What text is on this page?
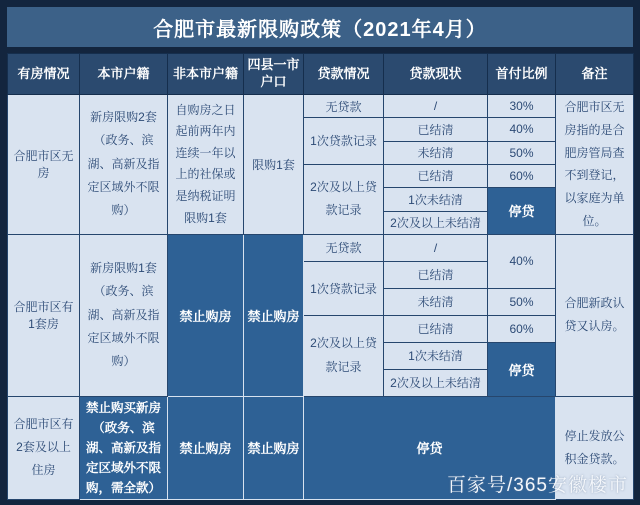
合肥市最新限购政策（2021年4月）
有房情况	本市户籍	非本市户籍	四县一市户口	贷款情况	贷款现状	首付比例	备注
合肥市区无房	新房限购2套（政务、滨湖、高新及指定区域外不限购）	自购房之日起前两年内连续一年以上的社保或是纳税证明限购1套	限购1套	无贷款	/	30%	合肥市区无房指的是合肥房管局查不到登记，以家庭为单位。
				1次贷款记录	已结清	40%	
					未结清	50%	
				2次及以上贷款记录	已结清	60%	
					1次未结清	停贷	
					2次及以上未结清		
合肥市区有1套房	新房限购1套（政务、滨湖、高新及指定区域外不限购）	禁止购房	禁止购房	无贷款	/	40%	合肥新政认贷又认房。
				1次贷款记录	已结清		
					未结清	50%	
				2次及以上贷款记录	已结清	60%	
					1次未结清	停贷	
					2次及以上未结清		
合肥市区有2套及以上住房	禁止购买新房（政务、滨湖、高新及指定区域外不限购，需全款）	禁止购房	禁止购房	停贷			停止发放公积金贷款。
百家号/365安徽楼市
